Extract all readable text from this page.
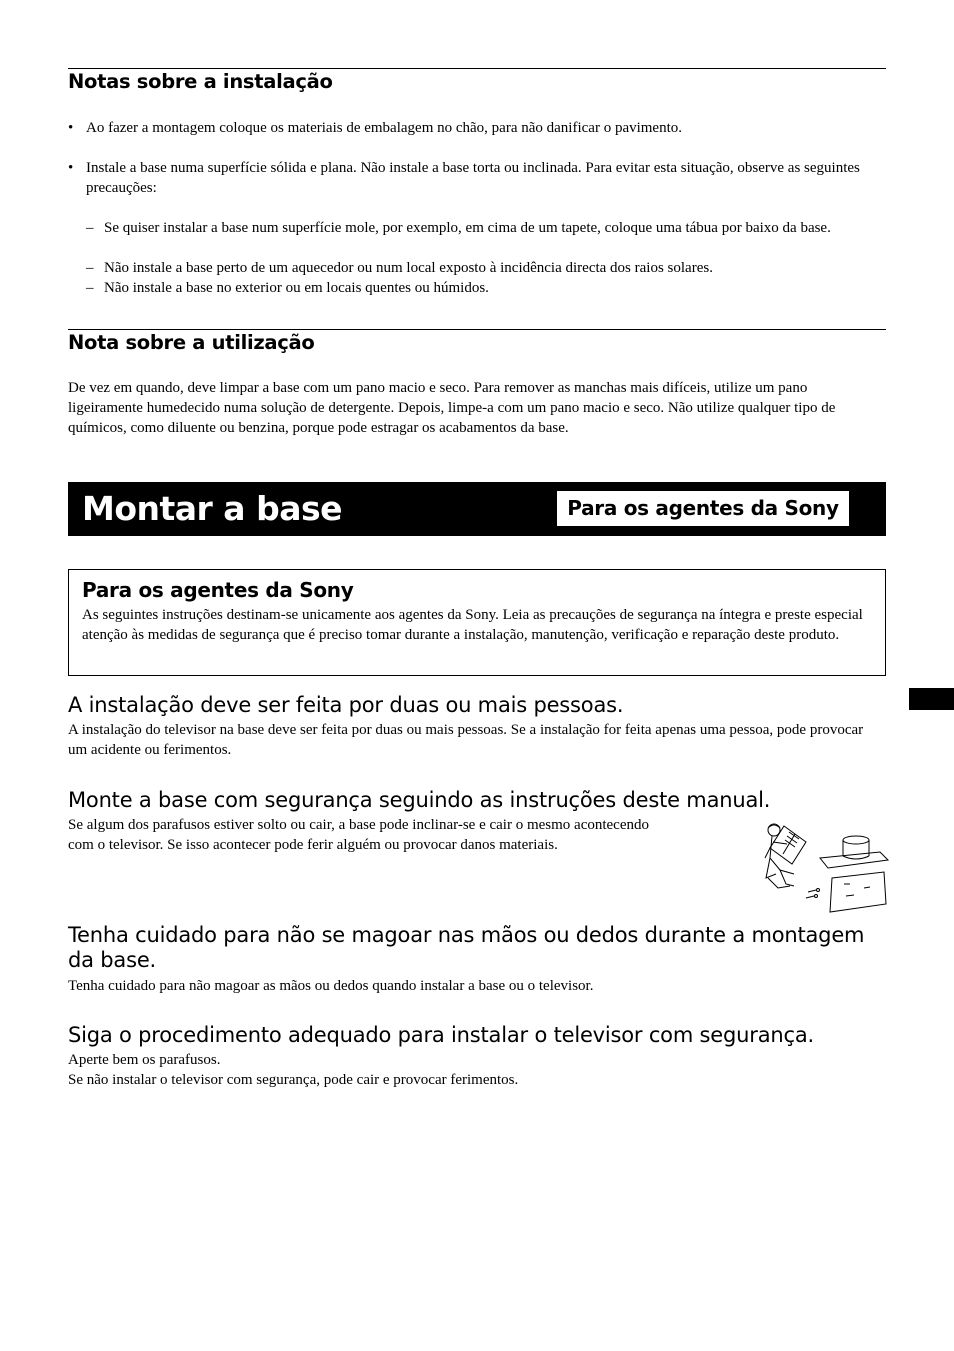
Notas sobre a instalação
• Ao fazer a montagem coloque os materiais de embalagem no chão, para não danificar o pavimento.
• Instale a base numa superfície sólida e plana. Não instale a base torta ou inclinada. Para evitar esta situação, observe as seguintes precauções:
– Se quiser instalar a base num superfície mole, por exemplo, em cima de um tapete, coloque uma tábua por baixo da base.
– Não instale a base perto de um aquecedor ou num local exposto à incidência directa dos raios solares.
– Não instale a base no exterior ou em locais quentes ou húmidos.
Nota sobre a utilização
De vez em quando, deve limpar a base com um pano macio e seco. Para remover as manchas mais difíceis, utilize um pano ligeiramente humedecido numa solução de detergente. Depois, limpe-a com um pano macio e seco. Não utilize qualquer tipo de químicos, como diluente ou benzina, porque pode estragar os acabamentos da base.
Montar a base	Para os agentes da Sony
Para os agentes da Sony
As seguintes instruções destinam-se unicamente aos agentes da Sony. Leia as precauções de segurança na íntegra e preste especial atenção às medidas de segurança que é preciso tomar durante a instalação, manutenção, verificação e reparação deste produto.
A instalação deve ser feita por duas ou mais pessoas.
A instalação do televisor na base deve ser feita por duas ou mais pessoas. Se a instalação for feita apenas uma pessoa, pode provocar um acidente ou ferimentos.
Monte a base com segurança seguindo as instruções deste manual.
Se algum dos parafusos estiver solto ou cair, a base pode inclinar-se e cair o mesmo acontecendo com o televisor. Se isso acontecer pode ferir alguém ou provocar danos materiais.
Tenha cuidado para não se magoar nas mãos ou dedos durante a montagem da base.
Tenha cuidado para não magoar as mãos ou dedos quando instalar a base ou o televisor.
Siga o procedimento adequado para instalar o televisor com segurança.
Aperte bem os parafusos.
Se não instalar o televisor com segurança, pode cair e provocar ferimentos.
